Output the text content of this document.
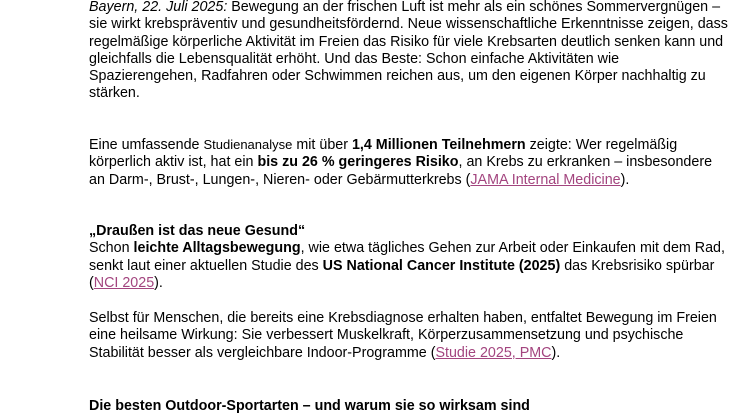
Bayern, 22. Juli 2025: Bewegung an der frischen Luft ist mehr als ein schönes Sommervergnügen – sie wirkt krebspräventiv und gesundheitsfördernd. Neue wissenschaftliche Erkenntnisse zeigen, dass regelmäßige körperliche Aktivität im Freien das Risiko für viele Krebsarten deutlich senken kann und gleichfalls die Lebensqualität erhöht. Und das Beste: Schon einfache Aktivitäten wie Spazierengehen, Radfahren oder Schwimmen reichen aus, um den eigenen Körper nachhaltig zu stärken.

Eine umfassende Studienanalyse mit über 1,4 Millionen Teilnehmern zeigte: Wer regelmäßig körperlich aktiv ist, hat ein bis zu 26 % geringeres Risiko, an Krebs zu erkranken – insbesondere an Darm-, Brust-, Lungen-, Nieren- oder Gebärmutterkrebs (JAMA Internal Medicine).

„Draußen ist das neue Gesund“
Schon leichte Alltagsbewegung, wie etwa tägliches Gehen zur Arbeit oder Einkaufen mit dem Rad, senkt laut einer aktuellen Studie des US National Cancer Institute (2025) das Krebsrisiko spürbar (NCI 2025).

Selbst für Menschen, die bereits eine Krebsdiagnose erhalten haben, entfaltet Bewegung im Freien eine heilsame Wirkung: Sie verbessert Muskelkraft, Körperzusammensetzung und psychische Stabilität besser als vergleichbare Indoor-Programme (Studie 2025, PMC).

Die besten Outdoor-Sportarten – und warum sie so wirksam sind
